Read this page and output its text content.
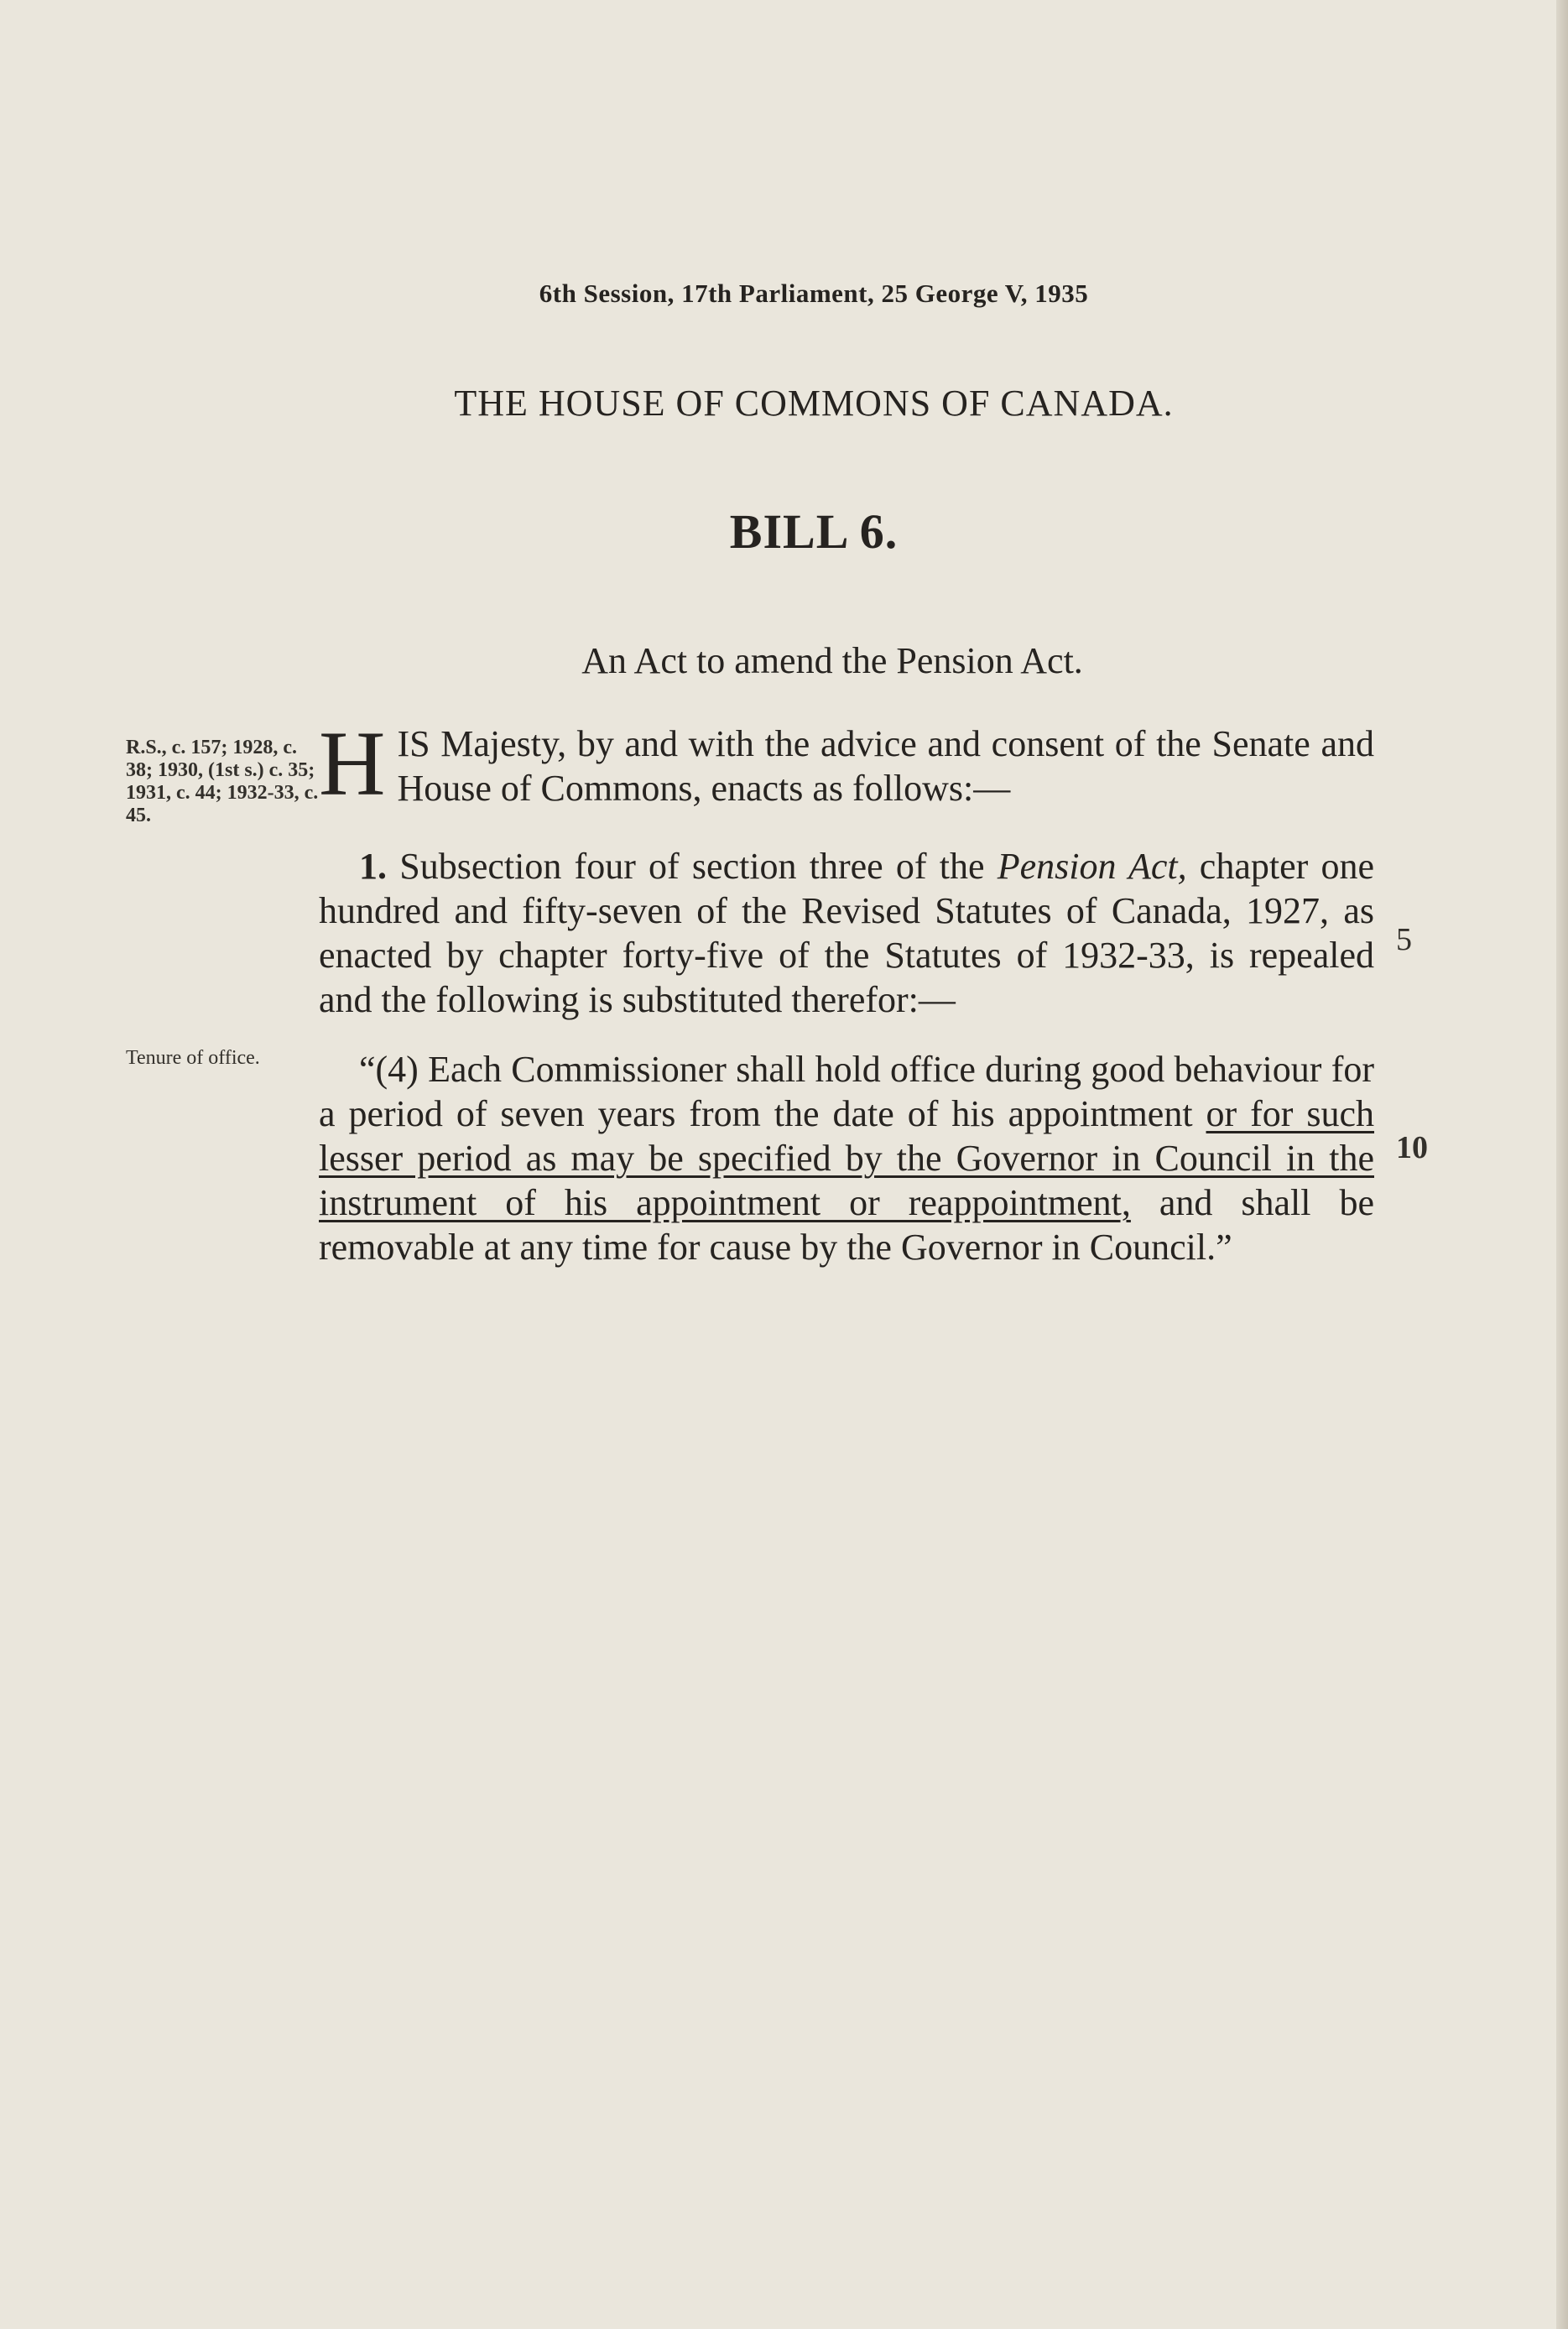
6th Session, 17th Parliament, 25 George V, 1935
THE HOUSE OF COMMONS OF CANADA.
BILL 6.
An Act to amend the Pension Act.
R.S., c. 157; 1928, c. 38; 1930, (1st s.) c. 35; 1931, c. 44; 1932-33, c. 45.
Tenure of office.
H IS Majesty, by and with the advice and consent of the Senate and House of Commons, enacts as follows:—
1. Subsection four of section three of the Pension Act, chapter one hundred and fifty-seven of the Revised Statutes of Canada, 1927, as enacted by chapter forty-five of the Statutes of 1932-33, is repealed and the following is substituted therefor:—
“(4) Each Commissioner shall hold office during good behaviour for a period of seven years from the date of his appointment or for such lesser period as may be specified by the Governor in Council in the instrument of his appointment or reappointment, and shall be removable at any time for cause by the Governor in Council.”
5
10
